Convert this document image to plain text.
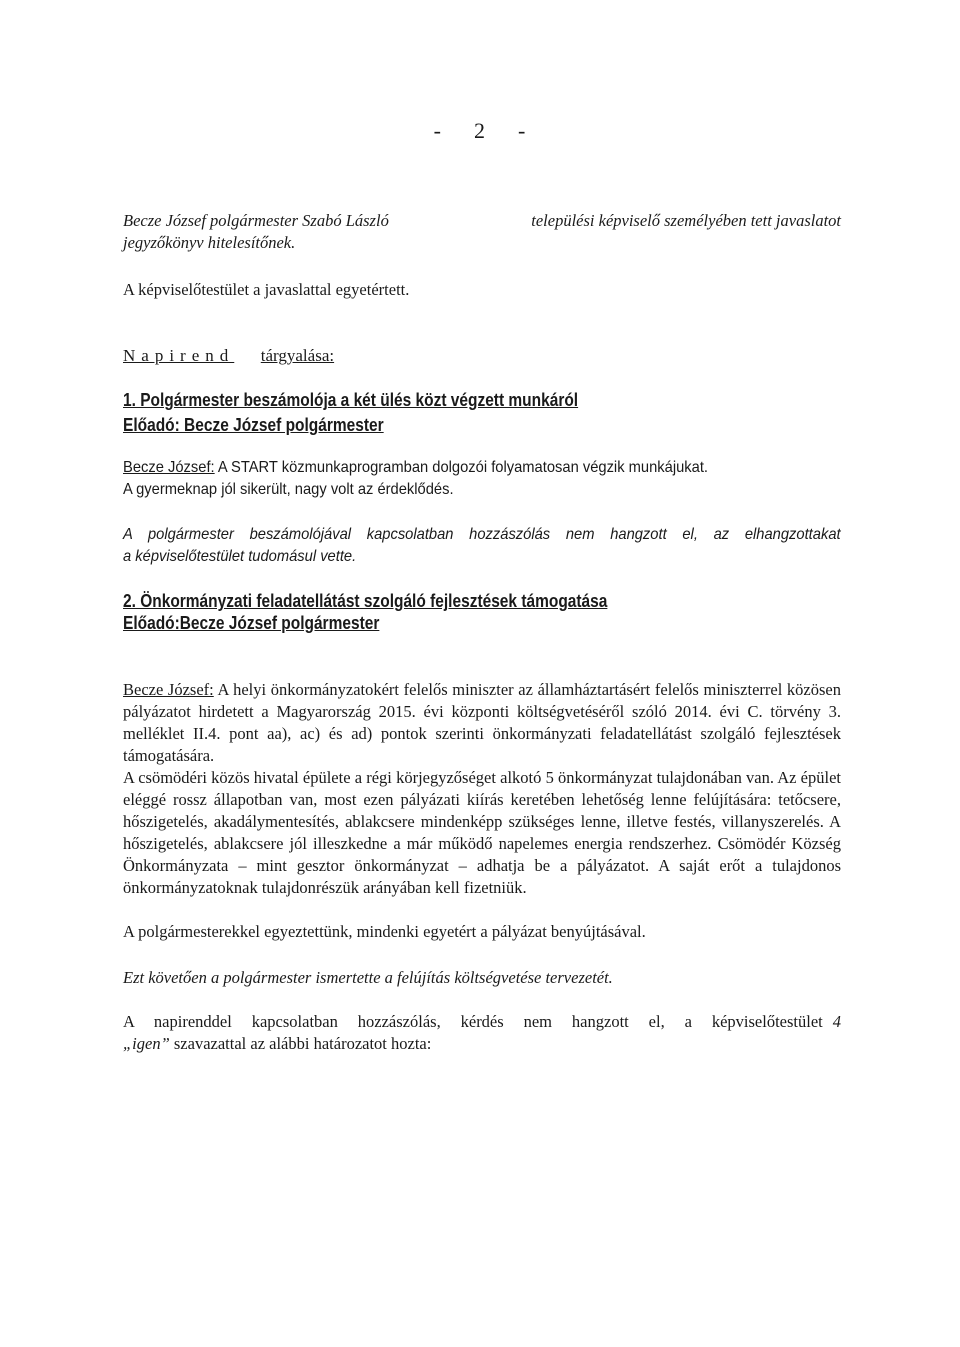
- 2 -
Becze József polgármester Szabó László	települési képviselő személyében tett javaslatot
jegyzőkönyv hitelesítőnek.
A képviselőtestület a javaslattal egyetértett.
Napirend tárgyalása:
1. Polgármester beszámolója a két ülés közt végzett munkáról
Előadó: Becze József polgármester
Becze József: A START közmunkaprogramban dolgozói folyamatosan végzik munkájukat.
A gyermeknap jól sikerült, nagy volt az érdeklődés.
A polgármester beszámolójával kapcsolatban hozzászólás nem hangzott el, az elhangzottakat
a képviselőtestület tudomásul vette.
2. Önkormányzati feladatellátást szolgáló fejlesztések támogatása
Előadó:Becze József polgármester
Becze József: A helyi önkormányzatokért felelős miniszter az államháztartásért felelős miniszterrel közösen pályázatot hirdetett a Magyarország 2015. évi központi költségvetéséről szóló 2014. évi C. törvény 3. melléklet II.4. pont aa), ac) és ad) pontok szerinti önkormányzati feladatellátást szolgáló fejlesztések támogatására.
A csömödéri közös hivatal épülete a régi körjegyzőséget alkotó 5 önkormányzat tulajdonában van. Az épület eléggé rossz állapotban van, most ezen pályázati kiírás keretében lehetőség lenne felújítására: tetőcsere, hőszigetelés, akadálymentesítés, ablakcsere mindenképp szükséges lenne, illetve festés, villanyszerelés. A hőszigetelés, ablakcsere jól illeszkedne a már működő napelemes energia rendszerhez. Csömödér Község Önkormányzata – mint gesztor önkormányzat – adhatja be a pályázatot. A saját erőt a tulajdonos önkormányzatoknak tulajdonrészük arányában kell fizetniük.
A polgármesterekkel egyeztettünk, mindenki egyetért a pályázat benyújtásával.
Ezt követően a polgármester ismertette a felújítás költségvetése tervezetét.
A napirenddel kapcsolatban hozzászólás, kérdés nem hangzott el, a képviselőtestület 4
„igen” szavazattal az alábbi határozatot hozta:
